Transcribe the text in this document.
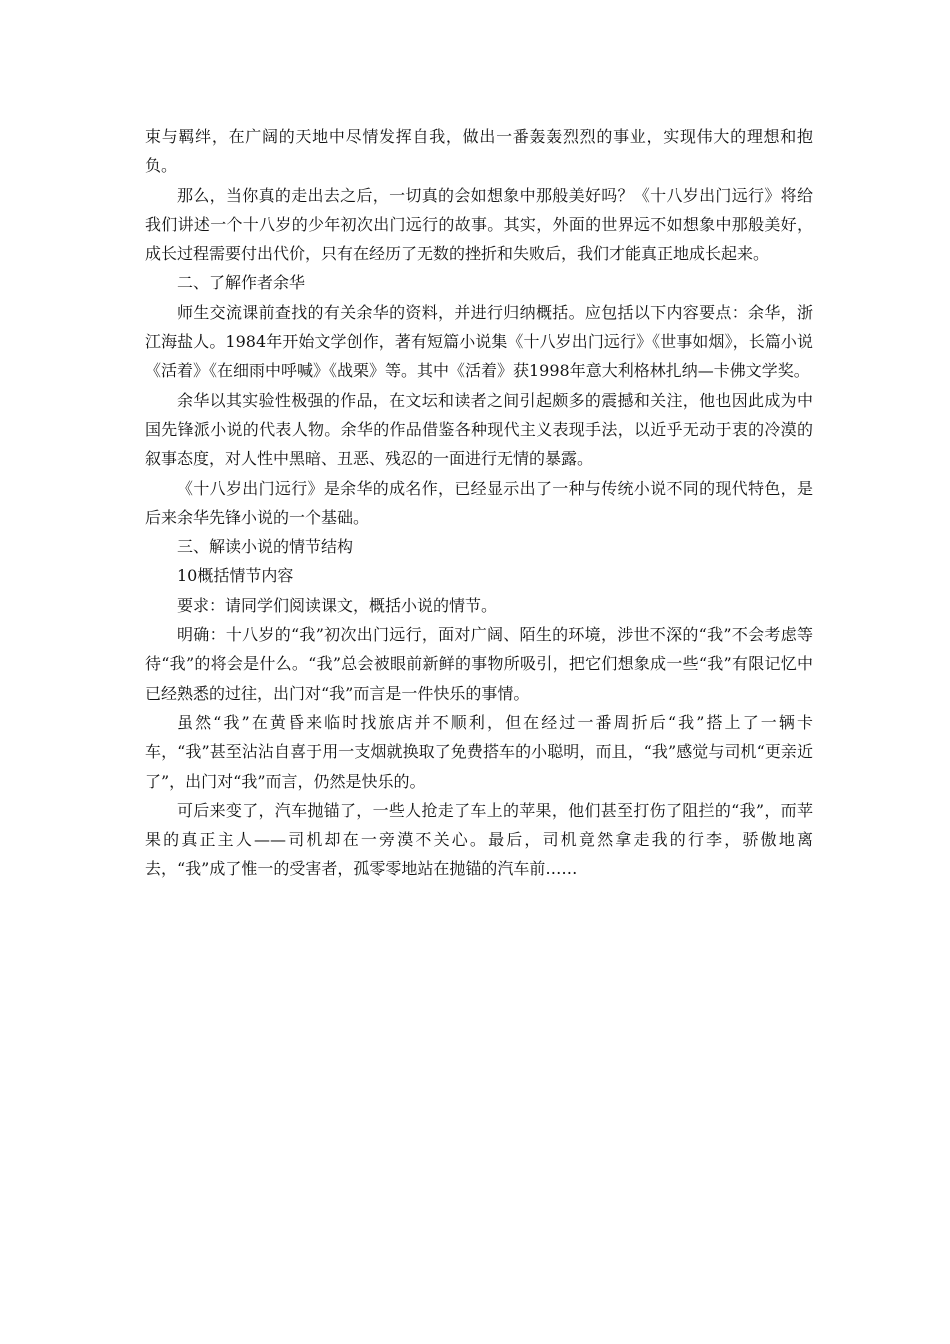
束与羁绊，在广阔的天地中尽情发挥自我，做出一番轰轰烈烈的事业，实现伟大的理想和抱负。

那么，当你真的走出去之后，一切真的会如想象中那般美好吗？《十八岁出门远行》将给我们讲述一个十八岁的少年初次出门远行的故事。其实，外面的世界远不如想象中那般美好，成长过程需要付出代价，只有在经历了无数的挫折和失败后，我们才能真正地成长起来。

二、了解作者余华

师生交流课前查找的有关余华的资料，并进行归纳概括。应包括以下内容要点：余华，浙江海盐人。1984年开始文学创作，著有短篇小说集《十八岁出门远行》《世事如烟》，长篇小说《活着》《在细雨中呼喊》《战栗》等。其中《活着》获1998年意大利格林扎纳—卡佛文学奖。

余华以其实验性极强的作品，在文坛和读者之间引起颇多的震撼和关注，他也因此成为中国先锋派小说的代表人物。余华的作品借鉴各种现代主义表现手法，以近乎无动于衷的冷漠的叙事态度，对人性中黑暗、丑恶、残忍的一面进行无情的暴露。

《十八岁出门远行》是余华的成名作，已经显示出了一种与传统小说不同的现代特色，是后来余华先锋小说的一个基础。

三、解读小说的情节结构

10概括情节内容

要求：请同学们阅读课文，概括小说的情节。

明确：十八岁的“我”初次出门远行，面对广阔、陌生的环境，涉世不深的“我”不会考虑等待“我”的将会是什么。“我”总会被眼前新鲜的事物所吸引，把它们想象成一些“我”有限记忆中已经熟悉的过往，出门对“我”而言是一件快乐的事情。

虽然“我”在黄昏来临时找旅店并不顺利，但在经过一番周折后“我”搭上了一辆卡车，“我”甚至沾沾自喜于用一支烟就换取了免费搭车的小聪明，而且，“我”感觉与司机“更亲近了”，出门对“我”而言，仍然是快乐的。

可后来变了，汽车抛锚了，一些人抢走了车上的苹果，他们甚至打伤了阻拦的“我”，而苹果的真正主人——司机却在一旁漠不关心。最后，司机竟然拿走我的行李，骄傲地离去，“我”成了惟一的受害者，孤零零地站在抛锚的汽车前……
